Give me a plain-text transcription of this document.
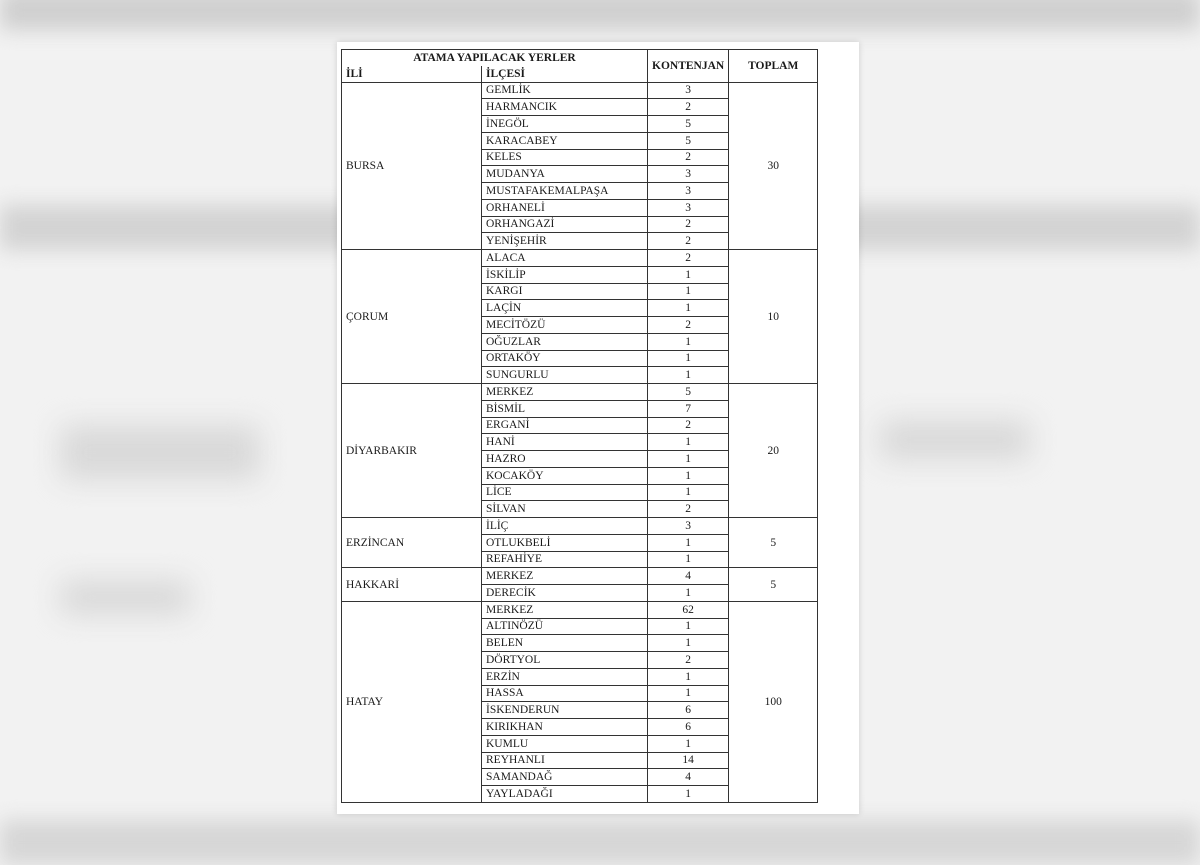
ATAMA YAPILACAK YERLER		KONTENJAN	TOPLAM
İLİ	İLÇESİ		
BURSA	GEMLİK	3	30
	HARMANCIK	2	
	İNEGÖL	5	
	KARACABEY	5	
	KELES	2	
	MUDANYA	3	
	MUSTAFAKEMALPAŞA	3	
	ORHANELİ	3	
	ORHANGAZİ	2	
	YENİŞEHİR	2	
ÇORUM	ALACA	2	10
	İSKİLİP	1	
	KARGI	1	
	LAÇİN	1	
	MECİTÖZÜ	2	
	OĞUZLAR	1	
	ORTAKÖY	1	
	SUNGURLU	1	
DİYARBAKIR	MERKEZ	5	20
	BİSMİL	7	
	ERGANİ	2	
	HANİ	1	
	HAZRO	1	
	KOCAKÖY	1	
	LİCE	1	
	SİLVAN	2	
ERZİNCAN	İLİÇ	3	5
	OTLUKBELİ	1	
	REFAHİYE	1	
HAKKARİ	MERKEZ	4	5
	DERECİK	1	
HATAY	MERKEZ	62	100
	ALTINÖZÜ	1	
	BELEN	1	
	DÖRTYOL	2	
	ERZİN	1	
	HASSA	1	
	İSKENDERUN	6	
	KIRIKHAN	6	
	KUMLU	1	
	REYHANLI	14	
	SAMANDAĞ	4	
	YAYLADAĞI	1	
